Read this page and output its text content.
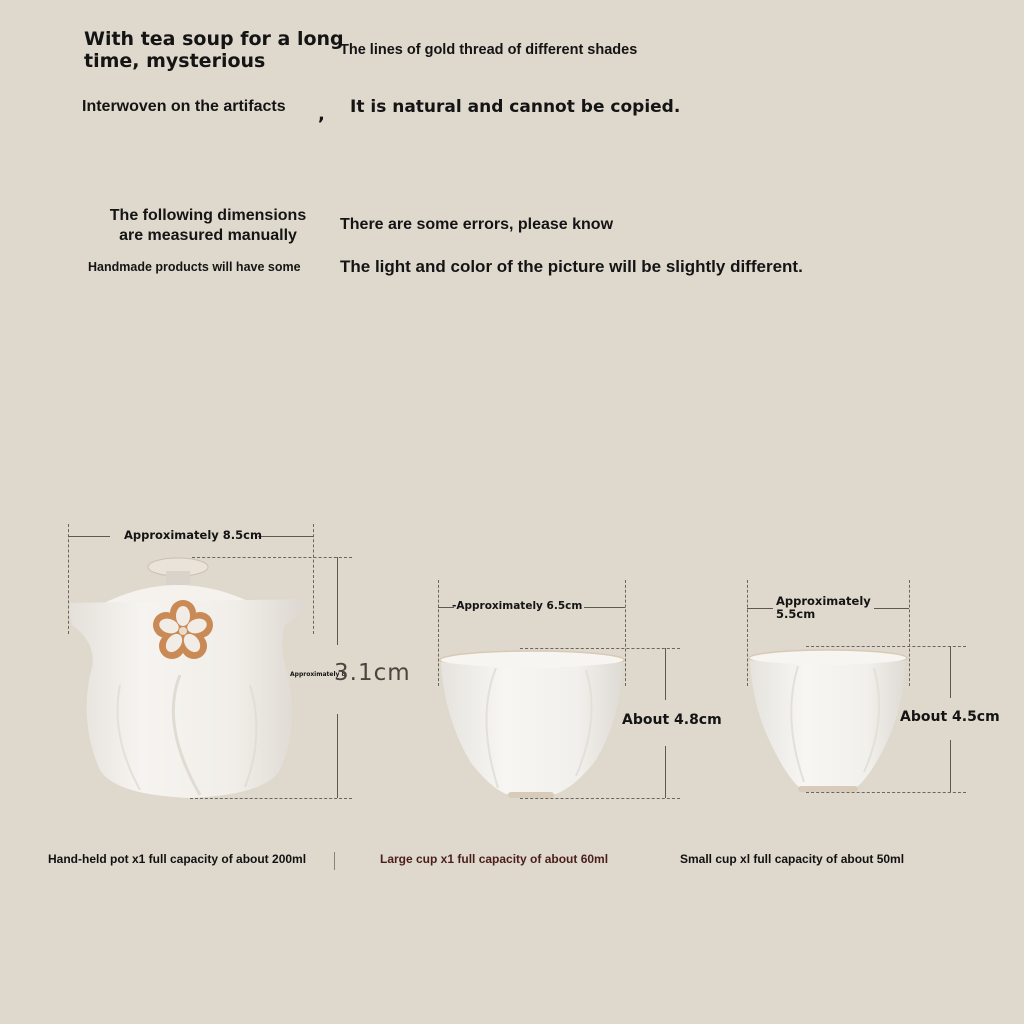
With tea soup for a long
time, mysterious	The lines of gold thread of different shades
Interwoven on the artifacts , It is natural and cannot be copied.
The following dimensions
are measured manually
There are some errors, please know
Handmade products will have some The light and color of the picture will be slightly different.
Approximately 8.5cm
Approximately 8
3.1cm
Hand-held pot x1 full capacity of about 200ml
-Approximately 6.5cm
About 4.8cm
Large cup x1 full capacity of about 60ml
Approximately
5.5cm
About 4.5cm
Small cup xl full capacity of about 50ml
